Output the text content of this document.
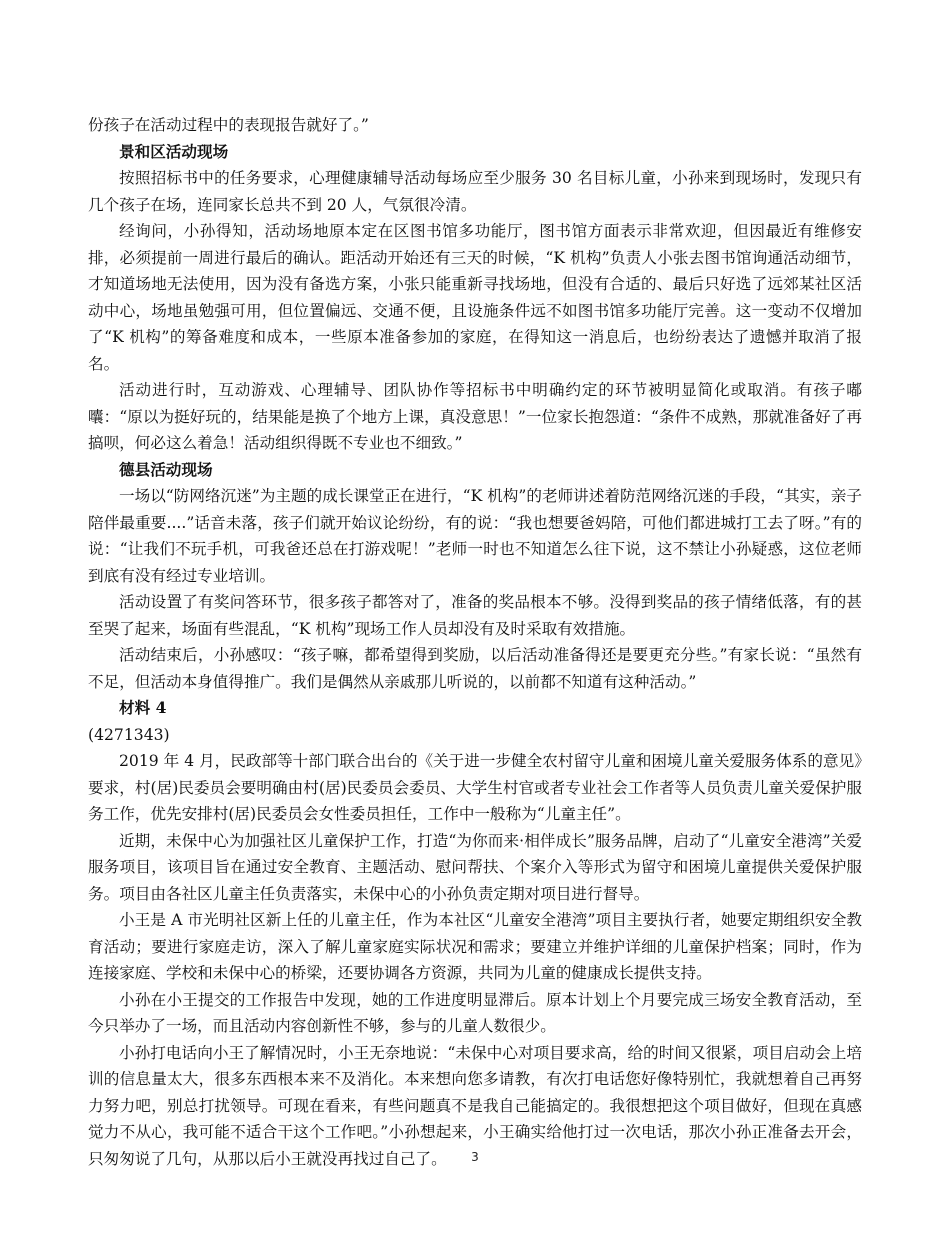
份孩子在活动过程中的表现报告就好了。”

景和区活动现场

按照招标书中的任务要求，心理健康辅导活动每场应至少服务 30 名目标儿童，小孙来到现场时，发现只有几个孩子在场，连同家长总共不到 20 人，气氛很冷清。

经询问，小孙得知，活动场地原本定在区图书馆多功能厅，图书馆方面表示非常欢迎，但因最近有维修安排，必须提前一周进行最后的确认。距活动开始还有三天的时候，“K 机构”负责人小张去图书馆询通活动细节，才知道场地无法使用，因为没有备选方案，小张只能重新寻找场地，但没有合适的、最后只好选了远郊某社区活动中心，场地虽勉强可用，但位置偏远、交通不便，且设施条件远不如图书馆多功能厅完善。这一变动不仅增加了“K 机构”的筹备难度和成本，一些原本准备参加的家庭，在得知这一消息后，也纷纷表达了遗憾并取消了报名。

活动进行时，互动游戏、心理辅导、团队协作等招标书中明确约定的环节被明显简化或取消。有孩子嘟囔：“原以为挺好玩的，结果能是换了个地方上课，真没意思！”一位家长抱怨道：“条件不成熟，那就准备好了再搞呗，何必这么着急！活动组织得既不专业也不细致。”

德县活动现场

一场以“防网络沉迷”为主题的成长课堂正在进行，“K 机构”的老师讲述着防范网络沉迷的手段，“其实，亲子陪伴最重要....”话音未落，孩子们就开始议论纷纷，有的说：“我也想要爸妈陪，可他们都进城打工去了呀。”有的说：“让我们不玩手机，可我爸还总在打游戏呢！”老师一时也不知道怎么往下说，这不禁让小孙疑惑，这位老师到底有没有经过专业培训。

活动设置了有奖问答环节，很多孩子都答对了，准备的奖品根本不够。没得到奖品的孩子情绪低落，有的甚至哭了起来，场面有些混乱，“K 机构”现场工作人员却没有及时采取有效措施。

活动结束后，小孙感叹：“孩子嘛，都希望得到奖励，以后活动准备得还是要更充分些。”有家长说：“虽然有不足，但活动本身值得推广。我们是偶然从亲戚那儿听说的，以前都不知道有这种活动。”

材料 4

(4271343)

2019 年 4 月，民政部等十部门联合出台的《关于进一步健全农村留守儿童和困境儿童关爱服务体系的意见》要求，村(居)民委员会要明确由村(居)民委员会委员、大学生村官或者专业社会工作者等人员负责儿童关爱保护服务工作，优先安排村(居)民委员会女性委员担任，工作中一般称为“儿童主任”。

近期，未保中心为加强社区儿童保护工作，打造“为你而来·相伴成长”服务品牌，启动了“儿童安全港湾”关爱服务项目，该项目旨在通过安全教育、主题活动、慰问帮扶、个案介入等形式为留守和困境儿童提供关爱保护服务。项目由各社区儿童主任负责落实，未保中心的小孙负责定期对项目进行督导。

小王是 A 市光明社区新上任的儿童主任，作为本社区“儿童安全港湾”项目主要执行者，她要定期组织安全教育活动；要进行家庭走访，深入了解儿童家庭实际状况和需求；要建立并维护详细的儿童保护档案；同时，作为连接家庭、学校和未保中心的桥梁，还要协调各方资源，共同为儿童的健康成长提供支持。

小孙在小王提交的工作报告中发现，她的工作进度明显滞后。原本计划上个月要完成三场安全教育活动，至今只举办了一场，而且活动内容创新性不够，参与的儿童人数很少。

小孙打电话向小王了解情况时，小王无奈地说：“未保中心对项目要求高，给的时间又很紧，项目启动会上培训的信息量太大，很多东西根本来不及消化。本来想向您多请教，有次打电话您好像特别忙，我就想着自己再努力努力吧，别总打扰领导。可现在看来，有些问题真不是我自己能搞定的。我很想把这个项目做好，但现在真感觉力不从心，我可能不适合干这个工作吧。”小孙想起来，小王确实给他打过一次电话，那次小孙正准备去开会，只匆匆说了几句，从那以后小王就没再找过自己了。	3
